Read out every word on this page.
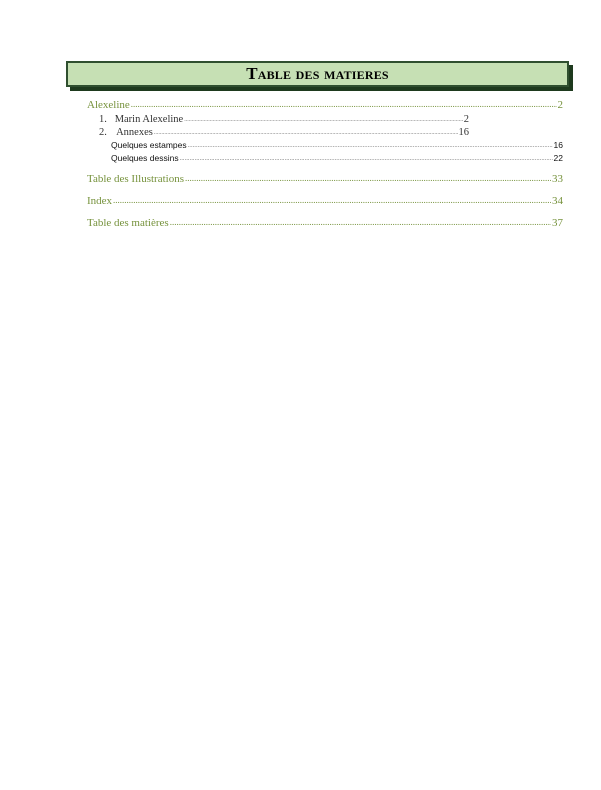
Table des matieres
Alexeline .....	2
1. Marin Alexeline .....	2
2. Annexes .....	16
Quelques estampes .....	16
Quelques dessins .....	22
Table des Illustrations .....	33
Index .....	34
Table des matières .....	37
